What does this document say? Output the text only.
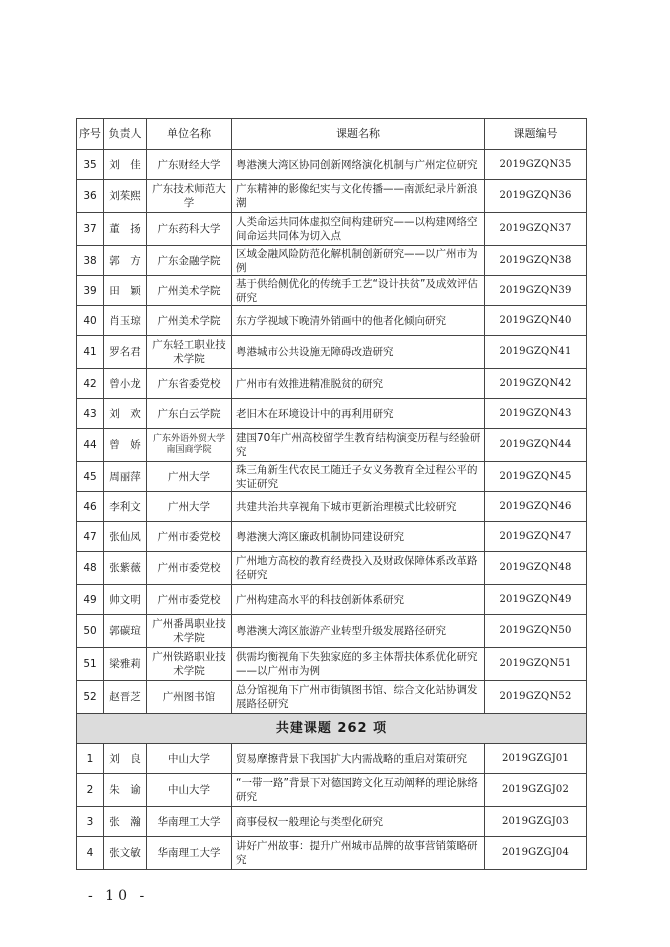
序号	负责人	单位名称	课题名称	课题编号
35	刘　佳	广东财经大学	粤港澳大湾区协同创新网络演化机制与广州定位研究	2019GZQN35
36	刘茱熙	广东技术师范大学	广东精神的影像纪实与文化传播——南派纪录片新浪潮	2019GZQN36
37	董　扬	广东药科大学	人类命运共同体虚拟空间构建研究——以构建网络空间命运共同体为切入点	2019GZQN37
38	郭　方	广东金融学院	区域金融风险防范化解机制创新研究——以广州市为例	2019GZQN38
39	田　颖	广州美术学院	基于供给侧优化的传统手工艺“设计扶贫”及成效评估研究	2019GZQN39
40	肖玉琼	广州美术学院	东方学视域下晚清外销画中的他者化倾向研究	2019GZQN40
41	罗名君	广东轻工职业技术学院	粤港城市公共设施无障碍改造研究	2019GZQN41
42	曾小龙	广东省委党校	广州市有效推进精准脱贫的研究	2019GZQN42
43	刘　欢	广东白云学院	老旧木在环境设计中的再利用研究	2019GZQN43
44	曾　娇	广东外语外贸大学南国商学院	建国70年广州高校留学生教育结构演变历程与经验研究	2019GZQN44
45	周丽萍	广州大学	珠三角新生代农民工随迁子女义务教育全过程公平的实证研究	2019GZQN45
46	李利文	广州大学	共建共治共享视角下城市更新治理模式比较研究	2019GZQN46
47	张仙凤	广州市委党校	粤港澳大湾区廉政机制协同建设研究	2019GZQN47
48	张紫薇	广州市委党校	广州地方高校的教育经费投入及财政保障体系改革路径研究	2019GZQN48
49	帅文明	广州市委党校	广州构建高水平的科技创新体系研究	2019GZQN49
50	郭碳瑄	广州番禺职业技术学院	粤港澳大湾区旅游产业转型升级发展路径研究	2019GZQN50
51	梁雅莉	广州铁路职业技术学院	供需均衡视角下失独家庭的多主体帮扶体系优化研究——以广州市为例	2019GZQN51
52	赵晋芝	广州图书馆	总分馆视角下广州市街镇图书馆、综合文化站协调发展路径研究	2019GZQN52
共建课题 262 项				
1	刘　良	中山大学	贸易摩擦背景下我国扩大内需战略的重启对策研究	2019GZGJ01
2	朱　谕	中山大学	“一带一路”背景下对德国跨文化互动阐释的理论脉络研究	2019GZGJ02
3	张　瀚	华南理工大学	商事侵权一般理论与类型化研究	2019GZGJ03
4	张文敏	华南理工大学	讲好广州故事：提升广州城市品牌的故事营销策略研究	2019GZGJ04
- 10 -
